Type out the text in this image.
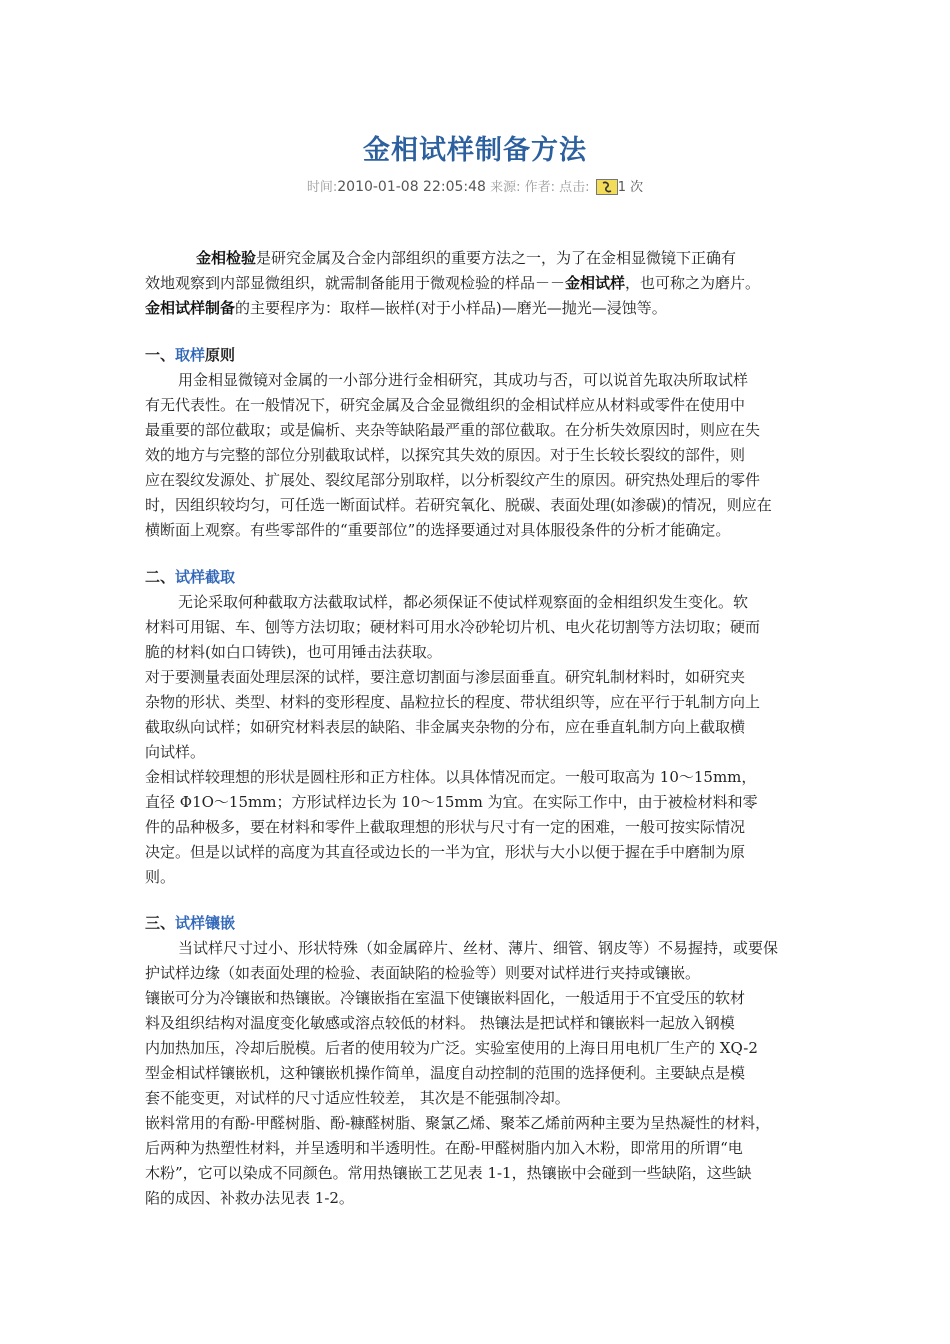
金相试样制备方法
时间:2010-01-08 22:05:48 来源: 作者: 点击: 1 次
金相检验是研究金属及合金内部组织的重要方法之一，为了在金相显微镜下正确有
效地观察到内部显微组织，就需制备能用于微观检验的样品－－金相试样，也可称之为磨片。
金相试样制备的主要程序为：取样—嵌样(对于小样品)—磨光—抛光—浸蚀等。
一、取样原则
用金相显微镜对金属的一小部分进行金相研究，其成功与否，可以说首先取决所取试样
有无代表性。在一般情况下，研究金属及合金显微组织的金相试样应从材料或零件在使用中
最重要的部位截取；或是偏析、夹杂等缺陷最严重的部位截取。在分析失效原因时，则应在失
效的地方与完整的部位分别截取试样，以探究其失效的原因。对于生长较长裂纹的部件，则
应在裂纹发源处、扩展处、裂纹尾部分别取样，以分析裂纹产生的原因。研究热处理后的零件
时，因组织较均匀，可任选一断面试样。若研究氧化、脱碳、表面处理(如渗碳)的情况，则应在
横断面上观察。有些零部件的“重要部位”的选择要通过对具体服役条件的分析才能确定。
二、试样截取
无论采取何种截取方法截取试样，都必须保证不使试样观察面的金相组织发生变化。软
材料可用锯、车、刨等方法切取；硬材料可用水冷砂轮切片机、电火花切割等方法切取；硬而
脆的材料(如白口铸铁)，也可用锤击法获取。
对于要测量表面处理层深的试样，要注意切割面与渗层面垂直。研究轧制材料时，如研究夹
杂物的形状、类型、材料的变形程度、晶粒拉长的程度、带状组织等，应在平行于轧制方向上
截取纵向试样；如研究材料表层的缺陷、非金属夹杂物的分布，应在垂直轧制方向上截取横
向试样。
金相试样较理想的形状是圆柱形和正方柱体。以具体情况而定。一般可取高为 10～15mm，
直径 Φ1O～15mm；方形试样边长为 10～15mm 为宜。在实际工作中，由于被检材料和零
件的品种极多，要在材料和零件上截取理想的形状与尺寸有一定的困难，一般可按实际情况
决定。但是以试样的高度为其直径或边长的一半为宜，形状与大小以便于握在手中磨制为原
则。
三、试样镶嵌
当试样尺寸过小、形状特殊（如金属碎片、丝材、薄片、细管、钢皮等）不易握持，或要保
护试样边缘（如表面处理的检验、表面缺陷的检验等）则要对试样进行夹持或镶嵌。
镶嵌可分为冷镶嵌和热镶嵌。冷镶嵌指在室温下使镶嵌料固化，一般适用于不宜受压的软材
料及组织结构对温度变化敏感或溶点较低的材料。 热镶法是把试样和镶嵌料一起放入钢模
内加热加压，冷却后脱模。后者的使用较为广泛。实验室使用的上海日用电机厂生产的 XQ-2
型金相试样镶嵌机，这种镶嵌机操作简单，温度自动控制的范围的选择便利。主要缺点是模
套不能变更，对试样的尺寸适应性较差， 其次是不能强制冷却。
嵌料常用的有酚-甲醛树脂、酚-糠醛树脂、聚氯乙烯、聚苯乙烯前两种主要为呈热凝性的材料，
后两种为热塑性材料，并呈透明和半透明性。在酚-甲醛树脂内加入木粉，即常用的所谓“电
木粉”，它可以染成不同颜色。常用热镶嵌工艺见表 1-1，热镶嵌中会碰到一些缺陷，这些缺
陷的成因、补救办法见表 1-2。
